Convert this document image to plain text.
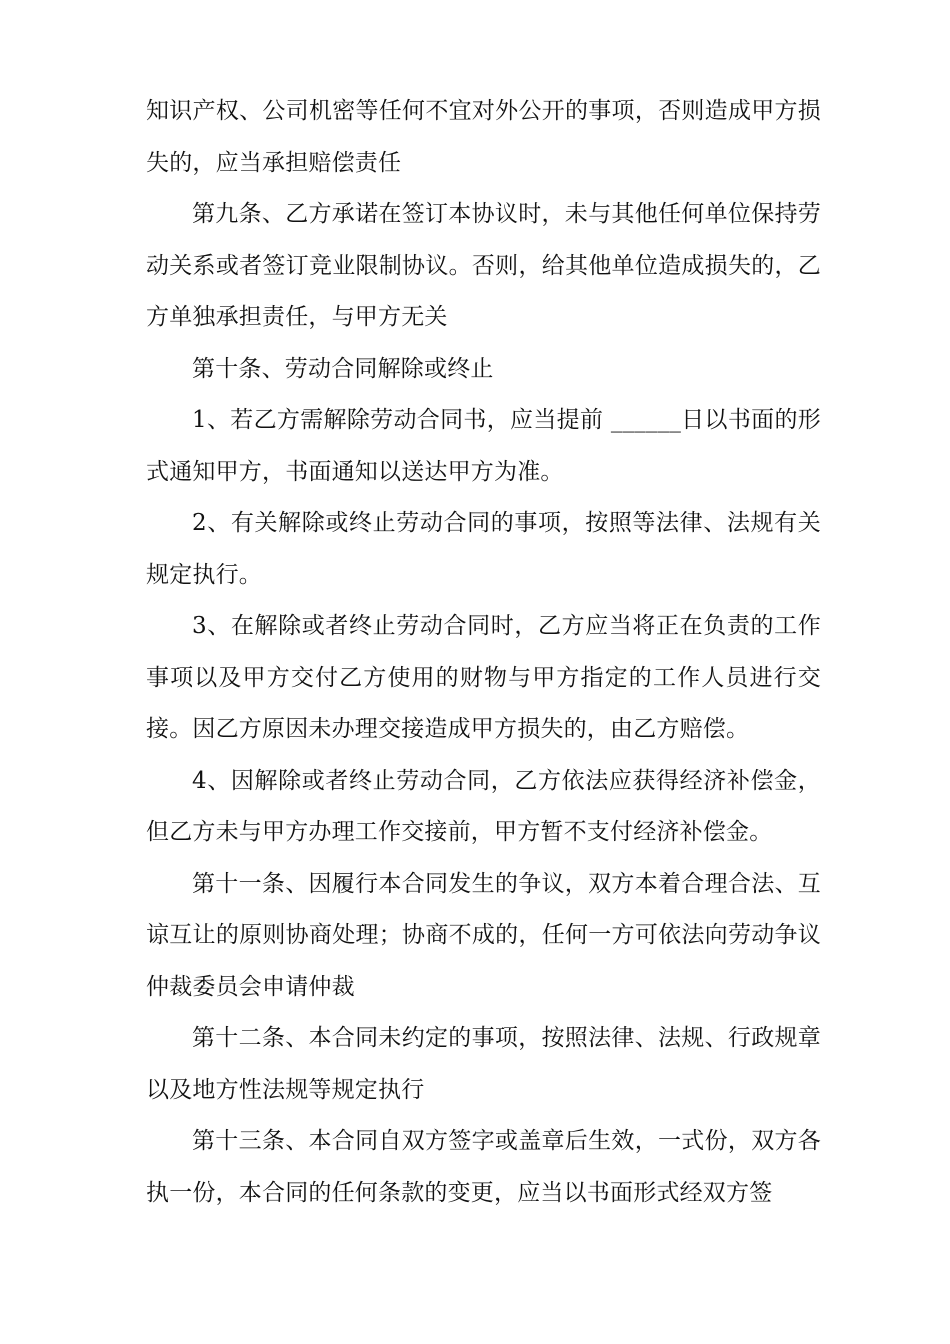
知识产权、公司机密等任何不宜对外公开的事项，否则造成甲方损失的，应当承担赔偿责任

第九条、乙方承诺在签订本协议时，未与其他任何单位保持劳动关系或者签订竞业限制协议。否则，给其他单位造成损失的，乙方单独承担责任，与甲方无关

第十条、劳动合同解除或终止

1、若乙方需解除劳动合同书，应当提前 ______日以书面的形式通知甲方，书面通知以送达甲方为准。

2、有关解除或终止劳动合同的事项，按照等法律、法规有关规定执行。

3、在解除或者终止劳动合同时，乙方应当将正在负责的工作事项以及甲方交付乙方使用的财物与甲方指定的工作人员进行交接。因乙方原因未办理交接造成甲方损失的，由乙方赔偿。

4、因解除或者终止劳动合同，乙方依法应获得经济补偿金，但乙方未与甲方办理工作交接前，甲方暂不支付经济补偿金。

第十一条、因履行本合同发生的争议，双方本着合理合法、互谅互让的原则协商处理；协商不成的，任何一方可依法向劳动争议仲裁委员会申请仲裁

第十二条、本合同未约定的事项，按照法律、法规、行政规章以及地方性法规等规定执行

第十三条、本合同自双方签字或盖章后生效，一式份，双方各执一份，本合同的任何条款的变更，应当以书面形式经双方签
